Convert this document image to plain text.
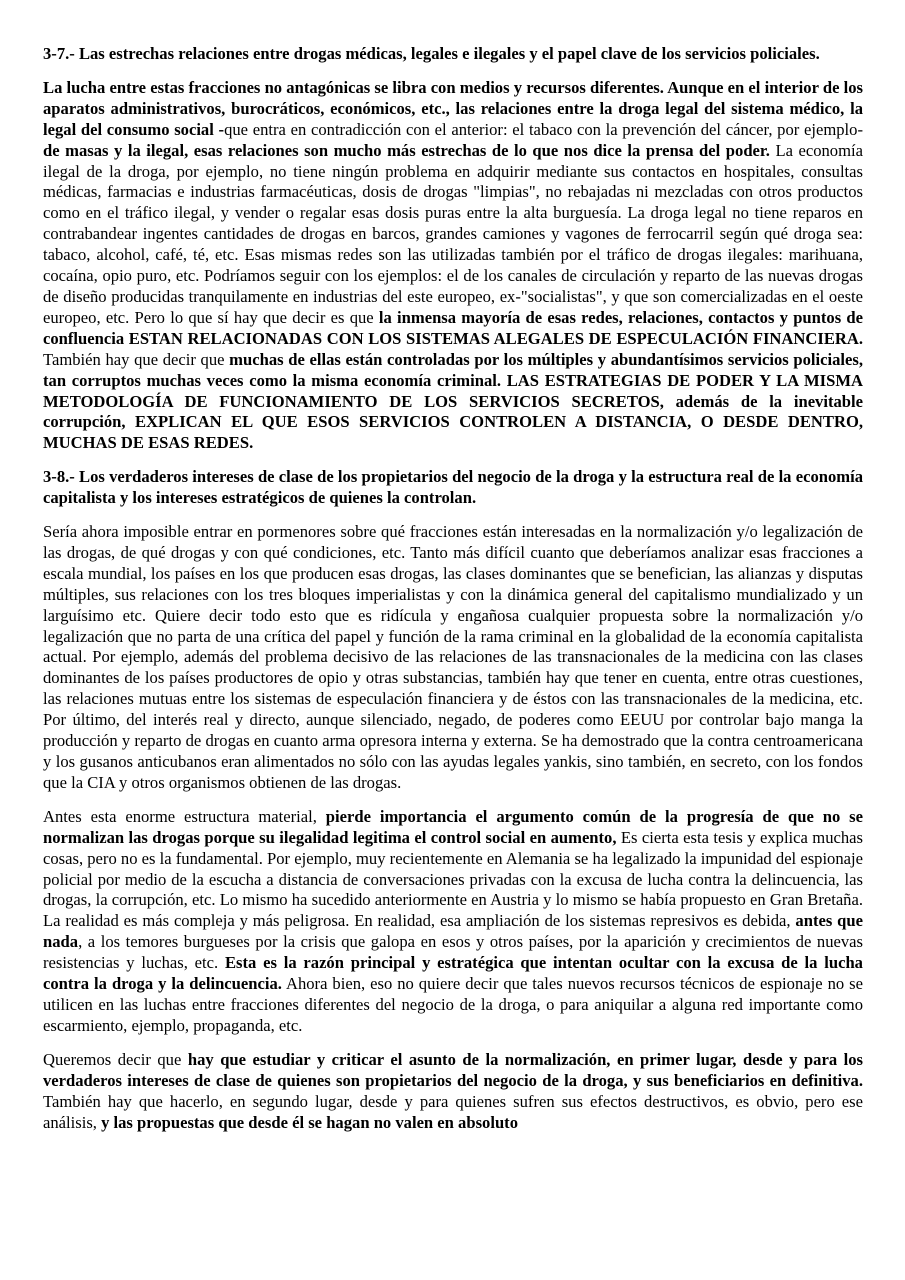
3-7.- Las estrechas relaciones entre drogas médicas, legales e ilegales y el papel clave de los servicios policiales.

La lucha entre estas fracciones no antagónicas se libra con medios y recursos diferentes. Aunque en el interior de los aparatos administrativos, burocráticos, económicos, etc., las relaciones entre la droga legal del sistema médico, la legal del consumo social -que entra en contradicción con el anterior: el tabaco con la prevención del cáncer, por ejemplo- de masas y la ilegal, esas relaciones son mucho más estrechas de lo que nos dice la prensa del poder. La economía ilegal de la droga, por ejemplo, no tiene ningún problema en adquirir mediante sus contactos en hospitales, consultas médicas, farmacias e industrias farmacéuticas, dosis de drogas "limpias", no rebajadas ni mezcladas con otros productos como en el tráfico ilegal, y vender o regalar esas dosis puras entre la alta burguesía. La droga legal no tiene reparos en contrabandear ingentes cantidades de drogas en barcos, grandes camiones y vagones de ferrocarril según qué droga sea: tabaco, alcohol, café, té, etc. Esas mismas redes son las utilizadas también por el tráfico de drogas ilegales: marihuana, cocaína, opio puro, etc. Podríamos seguir con los ejemplos: el de los canales de circulación y reparto de las nuevas drogas de diseño producidas tranquilamente en industrias del este europeo, ex-"socialistas", y que son comercializadas en el oeste europeo, etc. Pero lo que sí hay que decir es que la inmensa mayoría de esas redes, relaciones, contactos y puntos de confluencia ESTAN RELACIONADAS CON LOS SISTEMAS ALEGALES DE ESPECULACIÓN FINANCIERA. También hay que decir que muchas de ellas están controladas por los múltiples y abundantísimos servicios policiales, tan corruptos muchas veces como la misma economía criminal. LAS ESTRATEGIAS DE PODER Y LA MISMA METODOLOGÍA DE FUNCIONAMIENTO DE LOS SERVICIOS SECRETOS, además de la inevitable corrupción, EXPLICAN EL QUE ESOS SERVICIOS CONTROLEN A DISTANCIA, O DESDE DENTRO, MUCHAS DE ESAS REDES.

3-8.- Los verdaderos intereses de clase de los propietarios del negocio de la droga y la estructura real de la economía capitalista y los intereses estratégicos de quienes la controlan.

Sería ahora imposible entrar en pormenores sobre qué fracciones están interesadas en la normalización y/o legalización de las drogas, de qué drogas y con qué condiciones, etc. Tanto más difícil cuanto que deberíamos analizar esas fracciones a escala mundial, los países en los que producen esas drogas, las clases dominantes que se benefician, las alianzas y disputas múltiples, sus relaciones con los tres bloques imperialistas y con la dinámica general del capitalismo mundializado y un larguísimo etc. Quiere decir todo esto que es ridícula y engañosa cualquier propuesta sobre la normalización y/o legalización que no parta de una crítica del papel y función de la rama criminal en la globalidad de la economía capitalista actual. Por ejemplo, además del problema decisivo de las relaciones de las transnacionales de la medicina con las clases dominantes de los países productores de opio y otras substancias, también hay que tener en cuenta, entre otras cuestiones, las relaciones mutuas entre los sistemas de especulación financiera y de éstos con las transnacionales de la medicina, etc. Por último, del interés real y directo, aunque silenciado, negado, de poderes como EEUU por controlar bajo manga la producción y reparto de drogas en cuanto arma opresora interna y externa. Se ha demostrado que la contra centroamericana y los gusanos anticubanos eran alimentados no sólo con las ayudas legales yankis, sino también, en secreto, con los fondos que la CIA y otros organismos obtienen de las drogas.

Antes esta enorme estructura material, pierde importancia el argumento común de la progresía de que no se normalizan las drogas porque su ilegalidad legitima el control social en aumento, Es cierta esta tesis y explica muchas cosas, pero no es la fundamental. Por ejemplo, muy recientemente en Alemania se ha legalizado la impunidad del espionaje policial por medio de la escucha a distancia de conversaciones privadas con la excusa de lucha contra la delincuencia, las drogas, la corrupción, etc. Lo mismo ha sucedido anteriormente en Austria y lo mismo se había propuesto en Gran Bretaña. La realidad es más compleja y más peligrosa. En realidad, esa ampliación de los sistemas represivos es debida, antes que nada, a los temores burgueses por la crisis que galopa en esos y otros países, por la aparición y crecimientos de nuevas resistencias y luchas, etc. Esta es la razón principal y estratégica que intentan ocultar con la excusa de la lucha contra la droga y la delincuencia. Ahora bien, eso no quiere decir que tales nuevos recursos técnicos de espionaje no se utilicen en las luchas entre fracciones diferentes del negocio de la droga, o para aniquilar a alguna red importante como escarmiento, ejemplo, propaganda, etc.

Queremos decir que hay que estudiar y criticar el asunto de la normalización, en primer lugar, desde y para los verdaderos intereses de clase de quienes son propietarios del negocio de la droga, y sus beneficiarios en definitiva. También hay que hacerlo, en segundo lugar, desde y para quienes sufren sus efectos destructivos, es obvio, pero ese análisis, y las propuestas que desde él se hagan no valen en absoluto
